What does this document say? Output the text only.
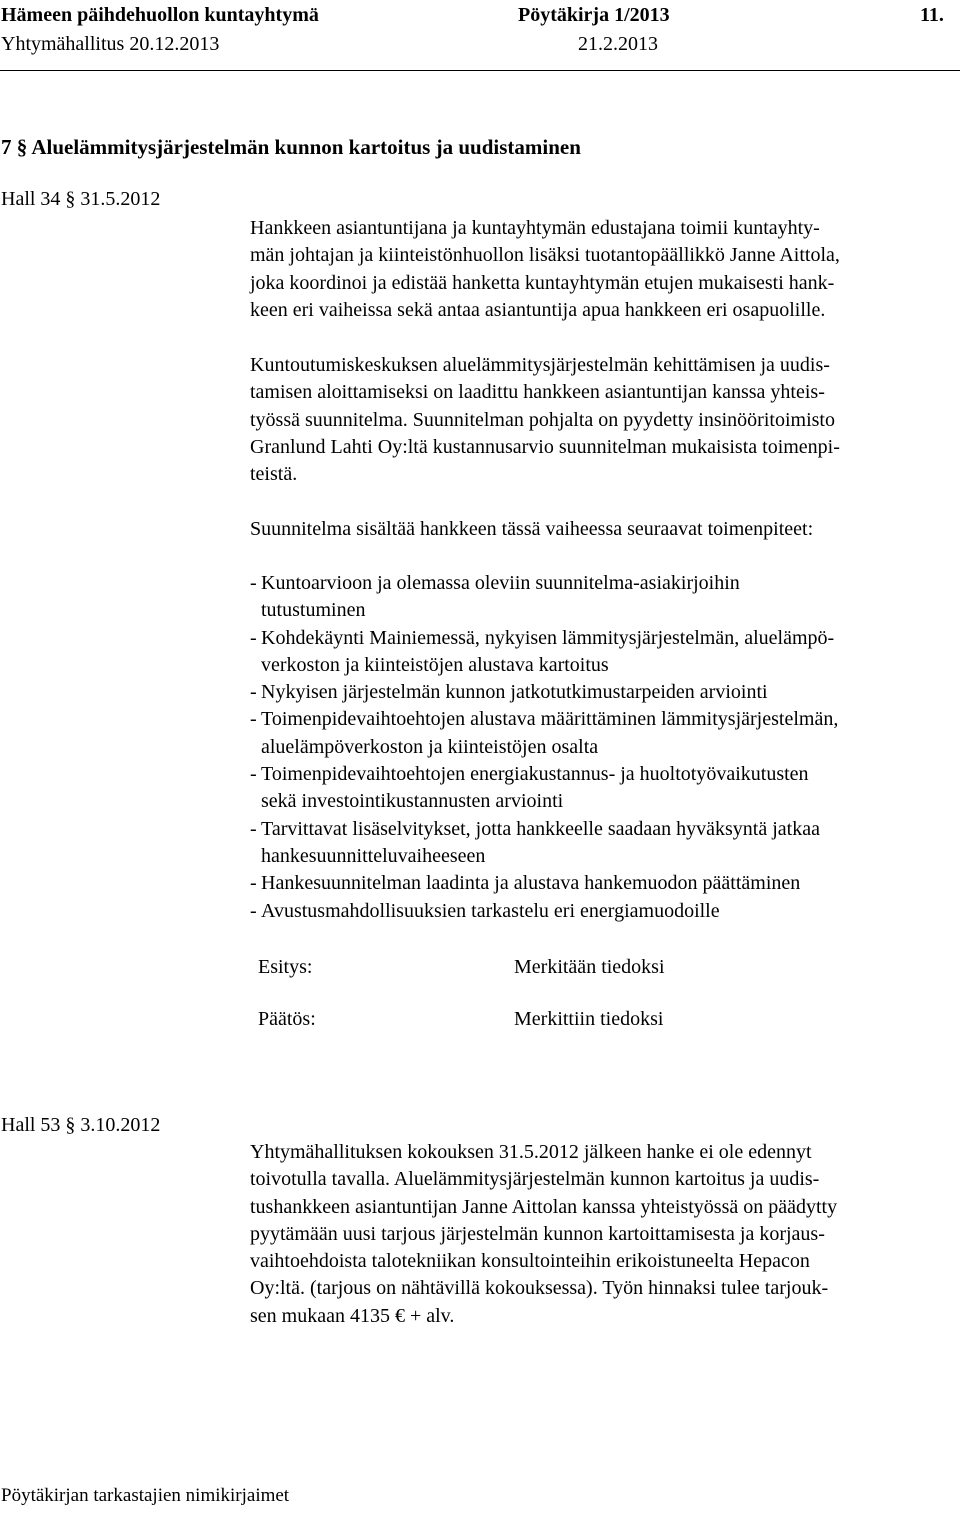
Hämeen päihdehuollon kuntayhtymä	Pöytäkirja 1/2013	11.
Yhtymähallitus 20.12.2013	21.2.2013
7 § Aluelämmitysjärjestelmän kunnon kartoitus ja uudistaminen
Hall 34 § 31.5.2012
Hankkeen asiantuntijana ja kuntayhtymän edustajana toimii kuntayhty-
män johtajan ja kiinteistönhuollon lisäksi tuotantopäällikkö Janne Aittola,
joka koordinoi ja edistää hanketta kuntayhtymän etujen mukaisesti hank-
keen eri vaiheissa sekä antaa asiantuntija apua hankkeen eri osapuolille.
Kuntoutumiskeskuksen aluelämmitysjärjestelmän kehittämisen ja uudis-
tamisen aloittamiseksi on laadittu hankkeen asiantuntijan kanssa yhteis-
työssä suunnitelma. Suunnitelman pohjalta on pyydetty insinööritoimisto
Granlund Lahti Oy:ltä kustannusarvio suunnitelman mukaisista toimenpi-
teistä.
Suunnitelma sisältää hankkeen tässä vaiheessa seuraavat toimenpiteet:
- Kuntoarvioon ja olemassa oleviin suunnitelma-asiakirjoihin
tutustuminen
- Kohdekäynti Mainiemessä, nykyisen lämmitysjärjestelmän, aluelämpö-
verkoston ja kiinteistöjen alustava kartoitus
- Nykyisen järjestelmän kunnon jatkotutkimustarpeiden arviointi
- Toimenpidevaihtoehtojen alustava määrittäminen lämmitysjärjestelmän,
aluelämpöverkoston ja kiinteistöjen osalta
- Toimenpidevaihtoehtojen energiakustannus- ja huoltotyövaikutusten
sekä investointikustannusten arviointi
- Tarvittavat lisäselvitykset, jotta hankkeelle saadaan hyväksyntä jatkaa
hankesuunnitteluvaiheeseen
- Hankesuunnitelman laadinta ja alustava hankemuodon päättäminen
- Avustusmahdollisuuksien tarkastelu eri energiamuodoille
Esitys:	Merkitään tiedoksi
Päätös:	Merkittiin tiedoksi
Hall 53 § 3.10.2012
Yhtymähallituksen kokouksen 31.5.2012 jälkeen hanke ei ole edennyt
toivotulla tavalla. Aluelämmitysjärjestelmän kunnon kartoitus ja uudis-
tushankkeen asiantuntijan Janne Aittolan kanssa yhteistyössä on päädytty
pyytämään uusi tarjous järjestelmän kunnon kartoittamisesta ja korjaus-
vaihtoehdoista talotekniikan konsultointeihin erikoistuneelta Hepacon
Oy:ltä. (tarjous on nähtävillä kokouksessa). Työn hinnaksi tulee tarjouk-
sen mukaan 4135 € + alv.
Pöytäkirjan tarkastajien nimikirjaimet
